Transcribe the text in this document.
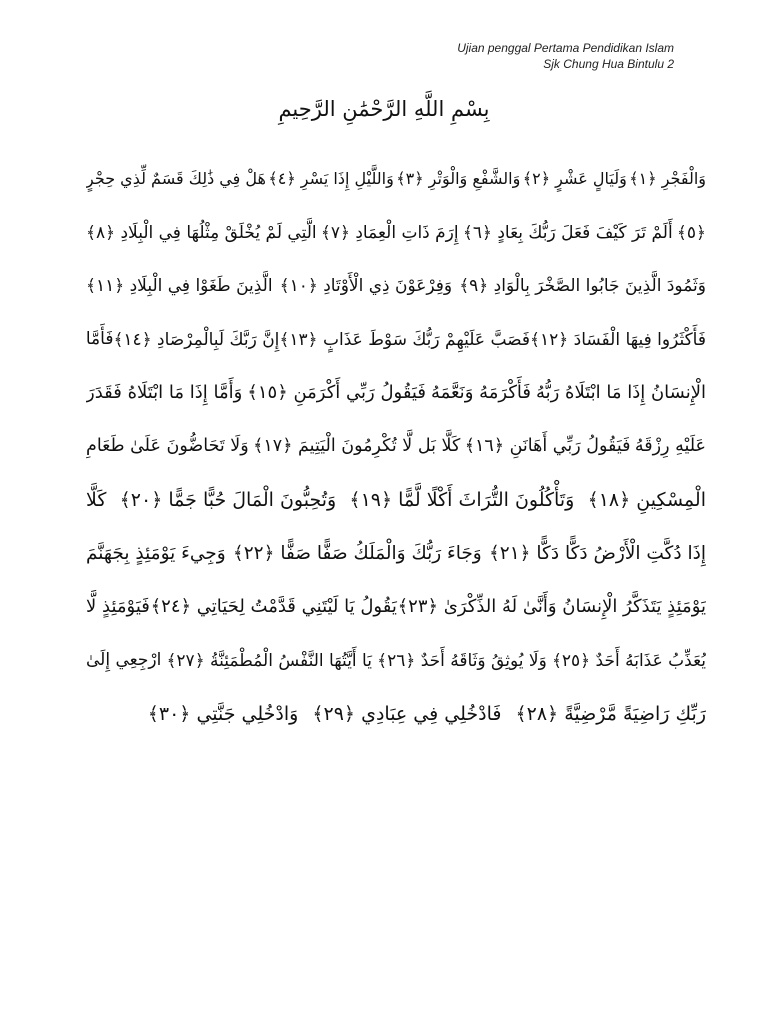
Ujian penggal Pertama Pendidikan Islam
Sjk Chung Hua Bintulu 2
بِسْمِ اللَّهِ الرَّحْمَٰنِ الرَّحِيمِ
وَالْفَجْرِ ﴿١﴾
وَلَيَالٍ عَشْرٍ ﴿٢﴾
وَالشَّفْعِ وَالْوَتْرِ ﴿٣﴾
وَاللَّيْلِ إِذَا يَسْرِ ﴿٤﴾
هَلْ فِي ذَٰلِكَ قَسَمٌ لِّذِي حِجْرٍ
﴿٥﴾
أَلَمْ تَرَ كَيْفَ فَعَلَ رَبُّكَ بِعَادٍ ﴿٦﴾
إِرَمَ ذَاتِ الْعِمَادِ ﴿٧﴾
الَّتِي لَمْ يُخْلَقْ مِثْلُهَا فِي الْبِلَادِ ﴿٨﴾
وَثَمُودَ الَّذِينَ جَابُوا الصَّخْرَ بِالْوَادِ ﴿٩﴾
وَفِرْعَوْنَ ذِي الْأَوْتَادِ ﴿١٠﴾
الَّذِينَ طَغَوْا فِي الْبِلَادِ ﴿١١﴾
فَأَكْثَرُوا فِيهَا الْفَسَادَ ﴿١٢﴾
فَصَبَّ عَلَيْهِمْ رَبُّكَ سَوْطَ عَذَابٍ ﴿١٣﴾
إِنَّ رَبَّكَ لَبِالْمِرْصَادِ ﴿١٤﴾
فَأَمَّا
الْإِنسَانُ إِذَا مَا ابْتَلَاهُ رَبُّهُ
فَأَكْرَمَهُ وَنَعَّمَهُ
فَيَقُولُ رَبِّي أَكْرَمَنِ ﴿١٥﴾
وَأَمَّا إِذَا مَا ابْتَلَاهُ فَقَدَرَ
عَلَيْهِ رِزْقَهُ
فَيَقُولُ رَبِّي أَهَانَنِ ﴿١٦﴾
كَلَّا بَل لَّا تُكْرِمُونَ الْيَتِيمَ ﴿١٧﴾
وَلَا تَحَاضُّونَ عَلَىٰ طَعَامِ
الْمِسْكِينِ ﴿١٨﴾
وَتَأْكُلُونَ التُّرَاثَ أَكْلًا لَّمًّا ﴿١٩﴾
وَتُحِبُّونَ الْمَالَ حُبًّا جَمًّا ﴿٢٠﴾
كَلَّا
إِذَا دُكَّتِ الْأَرْضُ دَكًّا دَكًّا ﴿٢١﴾
وَجَاءَ رَبُّكَ وَالْمَلَكُ صَفًّا صَفًّا ﴿٢٢﴾
وَجِيءَ يَوْمَئِذٍ بِجَهَنَّمَ
يَوْمَئِذٍ يَتَذَكَّرُ الْإِنسَانُ وَأَنَّىٰ لَهُ الذِّكْرَىٰ ﴿٢٣﴾
يَقُولُ يَا لَيْتَنِي قَدَّمْتُ لِحَيَاتِي ﴿٢٤﴾
فَيَوْمَئِذٍ لَّا
يُعَذِّبُ عَذَابَهُ أَحَدٌ ﴿٢٥﴾
وَلَا يُوثِقُ وَثَاقَهُ أَحَدٌ ﴿٢٦﴾
يَا أَيَّتُهَا النَّفْسُ الْمُطْمَئِنَّةُ ﴿٢٧﴾
ارْجِعِي إِلَىٰ
رَبِّكِ رَاضِيَةً مَّرْضِيَّةً ﴿٢٨﴾
فَادْخُلِي فِي عِبَادِي ﴿٢٩﴾
وَادْخُلِي جَنَّتِي ﴿٣٠﴾
